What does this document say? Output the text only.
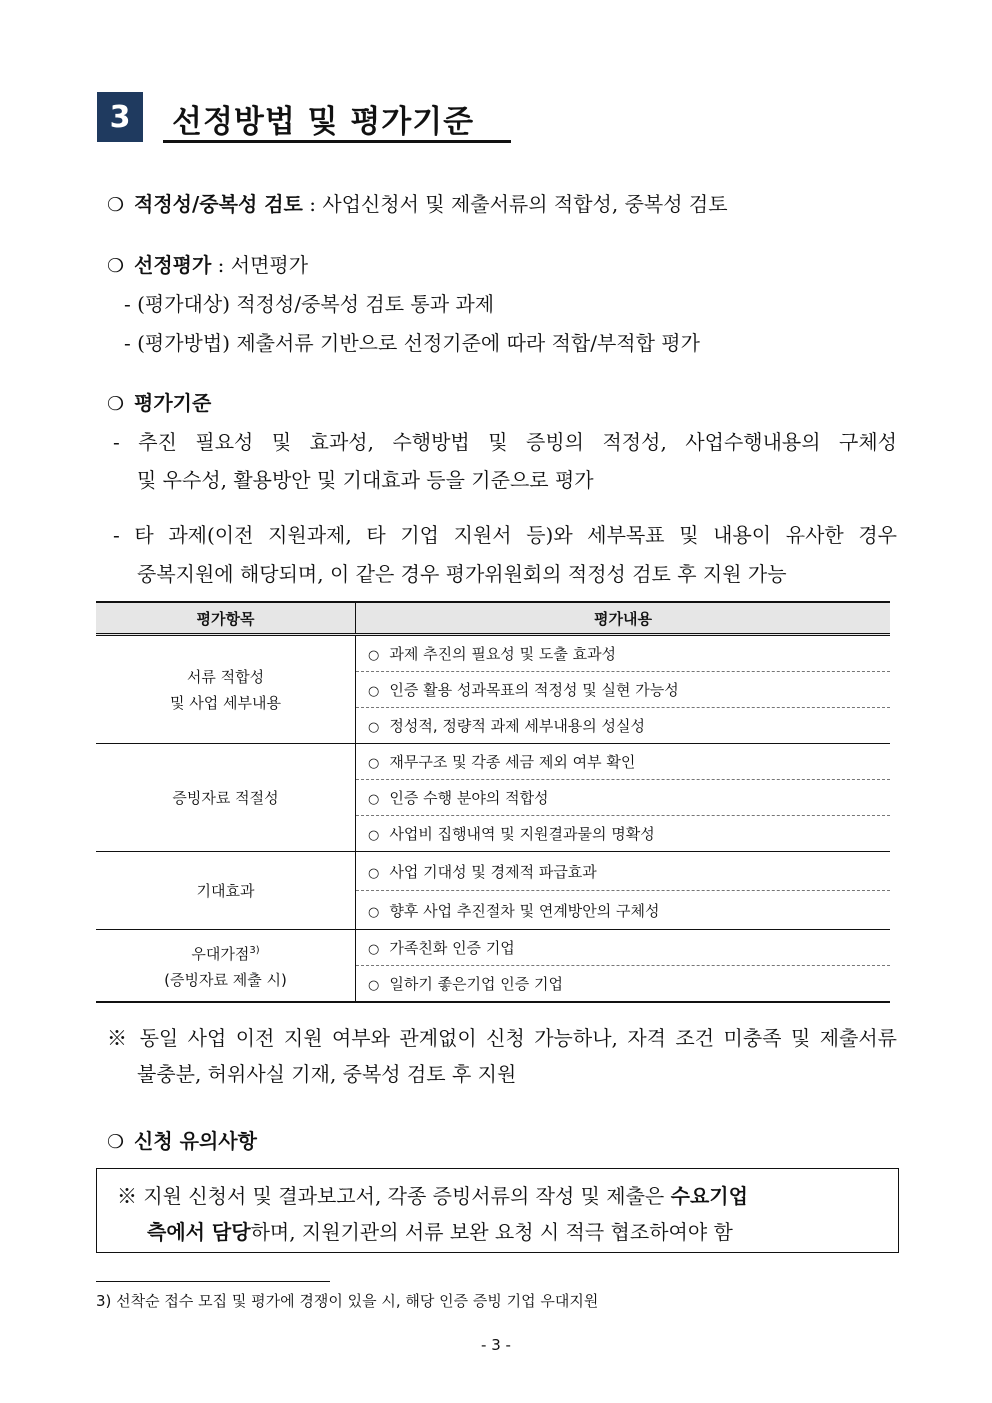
3	선정방법 및 평가기준
❍ 적정성/중복성 검토 : 사업신청서 및 제출서류의 적합성, 중복성 검토
❍ 선정평가 : 서면평가
- (평가대상) 적정성/중복성 검토 통과 과제
- (평가방법) 제출서류 기반으로 선정기준에 따라 적합/부적합 평가
❍ 평가기준
- 추진 필요성 및 효과성, 수행방법 및 증빙의 적정성, 사업수행내용의 구체성
및 우수성, 활용방안 및 기대효과 등을 기준으로 평가
- 타 과제(이전 지원과제, 타 기업 지원서 등)와 세부목표 및 내용이 유사한 경우
중복지원에 해당되며, 이 같은 경우 평가위원회의 적정성 검토 후 지원 가능
평가항목	평가내용
서류 적합성
및 사업 세부내용	○ 과제 추진의 필요성 및 도출 효과성
	○ 인증 활용 성과목표의 적정성 및 실현 가능성
	○ 정성적, 정량적 과제 세부내용의 성실성
증빙자료 적절성	○ 재무구조 및 각종 세금 제외 여부 확인
	○ 인증 수행 분야의 적합성
	○ 사업비 집행내역 및 지원결과물의 명확성
기대효과	○ 사업 기대성 및 경제적 파급효과
	○ 향후 사업 추진절차 및 연계방안의 구체성
우대가점$^{3)}$
(증빙자료 제출 시)	○ 가족친화 인증 기업
	○ 일하기 좋은기업 인증 기업
※ 동일 사업 이전 지원 여부와 관계없이 신청 가능하나, 자격 조건 미충족 및 제출서류
불충분, 허위사실 기재, 중복성 검토 후 지원
❍ 신청 유의사항
※ 지원 신청서 및 결과보고서, 각종 증빙서류의 작성 및 제출은 수요기업
측에서 담당하며, 지원기관의 서류 보완 요청 시 적극 협조하여야 함
3) 선착순 접수 모집 및 평가에 경쟁이 있을 시, 해당 인증 증빙 기업 우대지원
- 3 -
